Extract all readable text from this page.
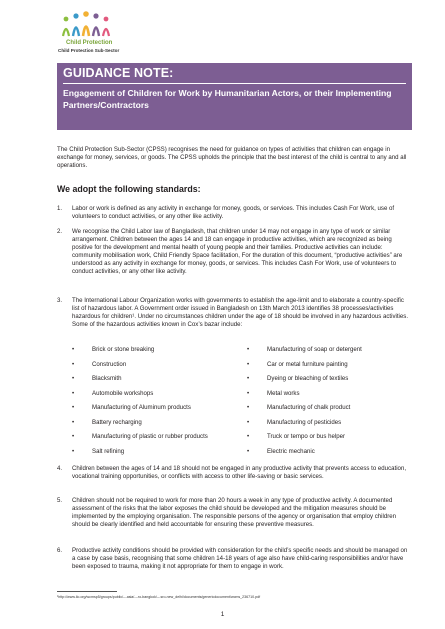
Child Protection
Child Protection Sub-Sector
GUIDANCE NOTE:
Engagement of Children for Work by Humanitarian Actors, or their Implementing Partners/Contractors
The Child Protection Sub-Sector (CPSS) recognises the need for guidance on types of activities that children can engage in exchange for money, services, or goods. The CPSS upholds the principle that the best interest of the child is central to any and all operations.
We adopt the following standards:
1.	Labor or work is defined as any activity in exchange for money, goods, or services. This includes Cash For Work, use of volunteers to conduct activities, or any other like activity.
2.	We recognise the Child Labor law of Bangladesh, that children under 14 may not engage in any type of work or similar arrangement. Children between the ages 14 and 18 can engage in productive activities, which are recognized as being positive for the development and mental health of young people and their families. Productive activities can include: community mobilisation work, Child Friendly Space facilitation, For the duration of this document, “productive activities” are understood as any activity in exchange for money, goods, or services. This includes Cash For Work, use of volunteers to conduct activities, or any other like activity.
3.	The International Labour Organization works with governments to establish the age-limit and to elaborate a country-specific list of hazardous labor. A Government order issued in Bangladesh on 13th March 2013 identifies 38 processes/activities hazardous for children¹. Under no circumstances children under the age of 18 should be involved in any hazardous activities. Some of the hazardous activities known in Cox’s bazar include:
•	Brick or stone breaking
•	Construction
•	Blacksmith
•	Automobile workshops
•	Manufacturing of Aluminum products
•	Battery recharging
•	Manufacturing of plastic or rubber products
•	Salt refining
•	Manufacturing of soap or detergent
•	Car or metal furniture painting
•	Dyeing or bleaching of textiles
•	Metal works
•	Manufacturing of chalk product
•	Manufacturing of pesticides
•	Truck or tempo or bus helper
•	Electric mechanic
4.	Children between the ages of 14 and 18 should not be engaged in any productive activity that prevents access to education, vocational training opportunities, or conflicts with access to other life-saving or basic services.
5.	Children should not be required to work for more than 20 hours a week in any type of productive activity. A documented assessment of the risks that the labor exposes the child should be developed and the mitigation measures should be implemented by the employing organisation. The responsible persons of the agency or organisation that employ children should be clearly identified and held accountable for ensuring these preventive measures.
6.	Productive activity conditions should be provided with consideration for the child’s specific needs and should be managed on a case by case basis, recognising that some children 14-18 years of age also have child-caring responsibilities and/or have been exposed to trauma, making it not appropriate for them to engage in work.
¹http://www.ilo.org/wcmsp5/groups/public/---asia/---ro-bangkok/---sro-new_delhi/documents/genericdocument/wcms_236710.pdf
1
